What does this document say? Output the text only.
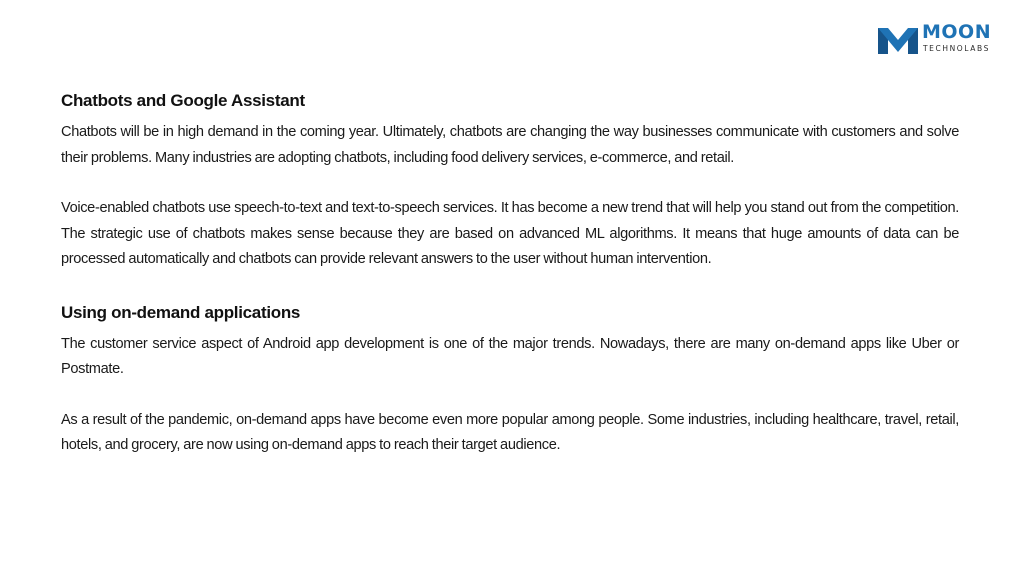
MOON
TECHNOLABS
Chatbots and Google Assistant

Chatbots will be in high demand in the coming year. Ultimately, chatbots are changing the way businesses communicate with customers and solve their problems. Many industries are adopting chatbots, including food delivery services, e-commerce, and retail.

Voice-enabled chatbots use speech-to-text and text-to-speech services. It has become a new trend that will help you stand out from the competition. The strategic use of chatbots makes sense because they are based on advanced ML algorithms. It means that huge amounts of data can be processed automatically and chatbots can provide relevant answers to the user without human intervention.

Using on-demand applications

The customer service aspect of Android app development is one of the major trends. Nowadays, there are many on-demand apps like Uber or Postmate.

As a result of the pandemic, on-demand apps have become even more popular among people. Some industries, including healthcare, travel, retail, hotels, and grocery, are now using on-demand apps to reach their target audience.
